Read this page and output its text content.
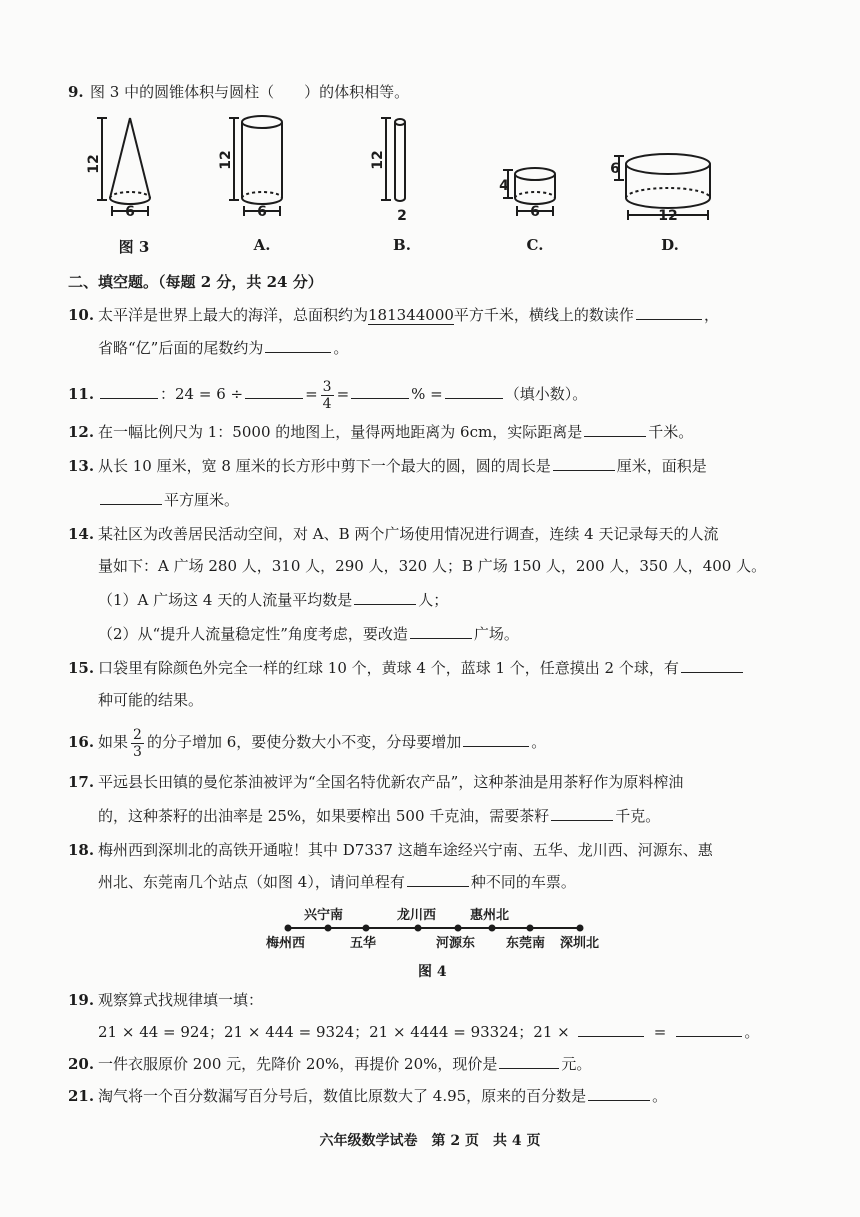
9. 图 3 中的圆锥体积与圆柱（　　）的体积相等。
12
6
12
6
12
2
4
6
6
12
图 3	A.	B.	C.	D.
二、填空题。（每题 2 分，共 24 分）
10. 太平洋是世界上最大的海洋，总面积约为181344000平方千米，横线上的数读作	，
省略“亿”后面的尾数约为	。
11.	：24 = 6 ÷	= $\frac{3}{4}$ =	% =	（填小数）。
12. 在一幅比例尺为 1：5000 的地图上，量得两地距离为 6cm，实际距离是	千米。
13. 从长 10 厘米，宽 8 厘米的长方形中剪下一个最大的圆，圆的周长是	厘米，面积是
平方厘米。
14. 某社区为改善居民活动空间，对 A、B 两个广场使用情况进行调查，连续 4 天记录每天的人流
量如下：A 广场 280 人，310 人，290 人，320 人；B 广场 150 人，200 人，350 人，400 人。
（1）A 广场这 4 天的人流量平均数是	人；
（2）从“提升人流量稳定性”角度考虑，要改造	广场。
15. 口袋里有除颜色外完全一样的红球 10 个，黄球 4 个，蓝球 1 个，任意摸出 2 个球，有
种可能的结果。
16. 如果 $\frac{2}{3}$ 的分子增加 6，要使分数大小不变，分母要增加	。
17. 平远县长田镇的曼佗茶油被评为“全国名特优新农产品”，这种茶油是用茶籽作为原料榨油
的，这种茶籽的出油率是 25%，如果要榨出 500 千克油，需要茶籽	千克。
18. 梅州西到深圳北的高铁开通啦！其中 D7337 这趟车途经兴宁南、五华、龙川西、河源东、惠
州北、东莞南几个站点（如图 4），请问单程有	种不同的车票。
兴宁南	龙川西	惠州北
梅州西	五华	河源东 东莞南 深圳北
图 4
19. 观察算式找规律填一填：
21 × 44 = 924；21 × 444 = 9324；21 × 4444 = 93324；21 ×	=	。
20. 一件衣服原价 200 元，先降价 20%，再提价 20%，现价是	元。
21. 淘气将一个百分数漏写百分号后，数值比原数大了 4.95，原来的百分数是	。
六年级数学试卷　第 2 页　共 4 页
